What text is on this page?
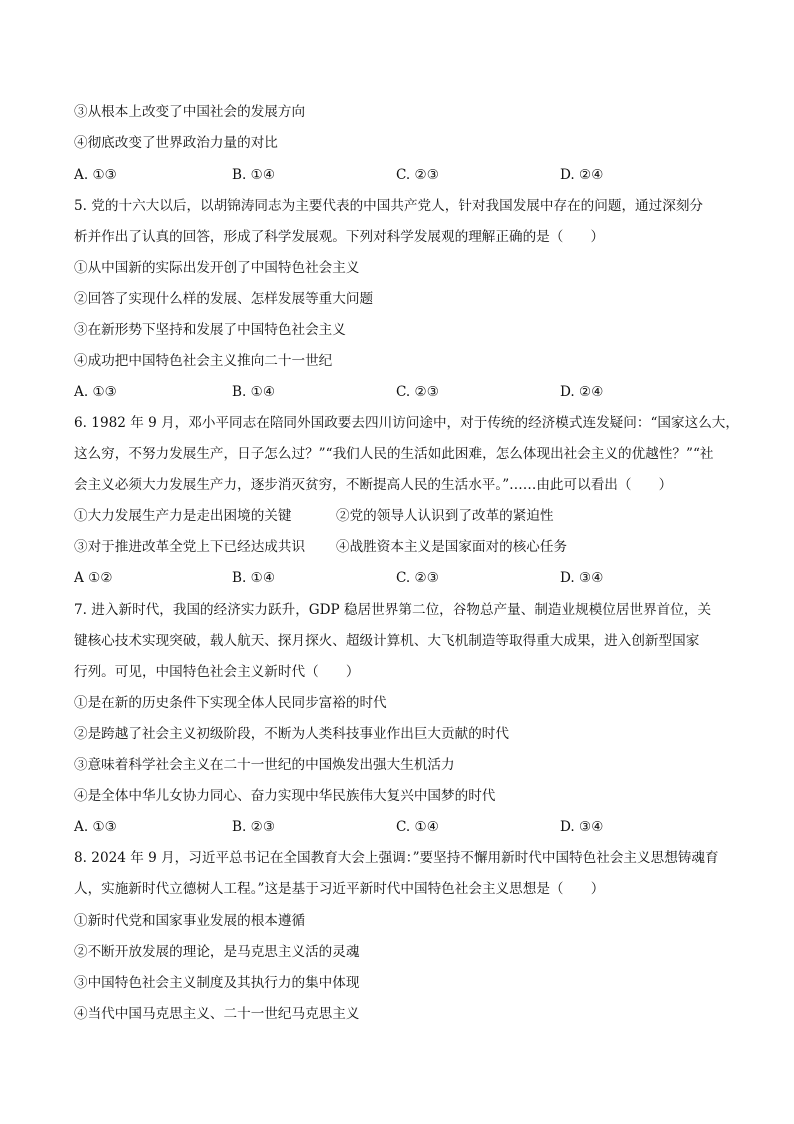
③从根本上改变了中国社会的发展方向
④彻底改变了世界政治力量的对比
A. ①③	B. ①④	C. ②③	D. ②④
5. 党的十六大以后，以胡锦涛同志为主要代表的中国共产党人，针对我国发展中存在的问题，通过深刻分
析并作出了认真的回答，形成了科学发展观。下列对科学发展观的理解正确的是（　　）
①从中国新的实际出发开创了中国特色社会主义
②回答了实现什么样的发展、怎样发展等重大问题
③在新形势下坚持和发展了中国特色社会主义
④成功把中国特色社会主义推向二十一世纪
A. ①③	B. ①④	C. ②③	D. ②④
6. 1982 年 9 月，邓小平同志在陪同外国政要去四川访问途中，对于传统的经济模式连发疑问：“国家这么大，
这么穷，不努力发展生产，日子怎么过？”“我们人民的生活如此困难，怎么体现出社会主义的优越性？”“社
会主义必须大力发展生产力，逐步消灭贫穷，不断提高人民的生活水平。”……由此可以看出（　　）
①大力发展生产力是走出困境的关键	②党的领导人认识到了改革的紧迫性
③对于推进改革全党上下已经达成共识 ④战胜资本主义是国家面对的核心任务
A ①②	B. ①④	C. ②③	D. ③④
7. 进入新时代，我国的经济实力跃升，GDP 稳居世界第二位，谷物总产量、制造业规模位居世界首位，关
键核心技术实现突破，载人航天、探月探火、超级计算机、大飞机制造等取得重大成果，进入创新型国家
行列。可见，中国特色社会主义新时代（　　）
①是在新的历史条件下实现全体人民同步富裕的时代
②是跨越了社会主义初级阶段，不断为人类科技事业作出巨大贡献的时代
③意味着科学社会主义在二十一世纪的中国焕发出强大生机活力
④是全体中华儿女协力同心、奋力实现中华民族伟大复兴中国梦的时代
A. ①③	B. ②③	C. ①④	D. ③④
8. 2024 年 9 月，习近平总书记在全国教育大会上强调：”要坚持不懈用新时代中国特色社会主义思想铸魂育
人，实施新时代立德树人工程。”这是基于习近平新时代中国特色社会主义思想是（　　）
①新时代党和国家事业发展的根本遵循
②不断开放发展的理论，是马克思主义活的灵魂
③中国特色社会主义制度及其执行力的集中体现
④当代中国马克思主义、二十一世纪马克思主义
